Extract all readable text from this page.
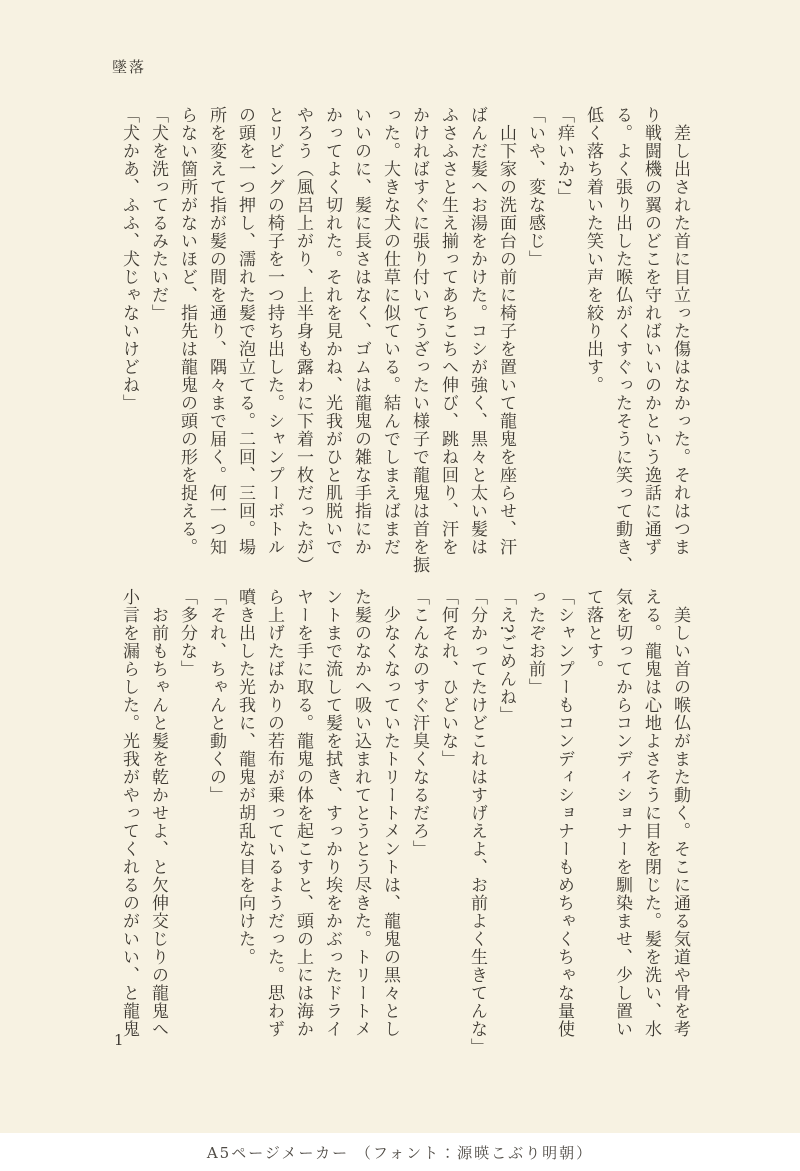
墜落

　差し出された首に目立った傷はなかった。それはつま

り戦闘機の翼のどこを守ればいいのかという逸話に通ず

る。よく張り出した喉仏がくすぐったそうに笑って動き、

低く落ち着いた笑い声を絞り出す。

「痒いか?」

「いや、変な感じ」

　山下家の洗面台の前に椅子を置いて龍鬼を座らせ、汗

ばんだ髪へお湯をかけた。コシが強く、黒々と太い髪は

ふさふさと生え揃ってあちこちへ伸び、跳ね回り、汗を

かければすぐに張り付いてうざったい様子で龍鬼は首を振

った。大きな犬の仕草に似ている。結んでしまえばまだ

いいのに、髪に長さはなく、ゴムは龍鬼の雑な手指にか

かってよく切れた。それを見かね、光我がひと肌脱いで

やろう（風呂上がり、上半身も露わに下着一枚だったが）

とリビングの椅子を一つ持ち出した。シャンプーボトル

の頭を一つ押し、濡れた髪で泡立てる。二回、三回。場

所を変えて指が髪の間を通り、隅々まで届く。何一つ知

らない箇所がないほど、指先は龍鬼の頭の形を捉える。

「犬を洗ってるみたいだ」

「犬かあ、ふふ、犬じゃないけどね」

　美しい首の喉仏がまた動く。そこに通る気道や骨を考

える。龍鬼は心地よさそうに目を閉じた。髪を洗い、水

気を切ってからコンディショナーを馴染ませ、少し置い

て落とす。

「シャンプーもコンディショナーもめちゃくちゃな量使

ったぞお前」

「え?ごめんね」

「分かってたけどこれはすげえよ、お前よく生きてんな」

「何それ、ひどいな」

「こんなのすぐ汗臭くなるだろ」

　少なくなっていたトリートメントは、龍鬼の黒々とし

た髪のなかへ吸い込まれてとうとう尽きた。トリートメ

ントまで流して髪を拭き、すっかり埃をかぶったドライ

ヤーを手に取る。龍鬼の体を起こすと、頭の上には海か

ら上げたばかりの若布が乗っているようだった。思わず

噴き出した光我に、龍鬼が胡乱な目を向けた。

「それ、ちゃんと動くの」

「多分な」

　お前もちゃんと髪を乾かせよ、と欠伸交じりの龍鬼へ

小言を漏らした。光我がやってくれるのがいい、と龍鬼

1
A5ページメーカー （フォント：源暎こぶり明朝）
